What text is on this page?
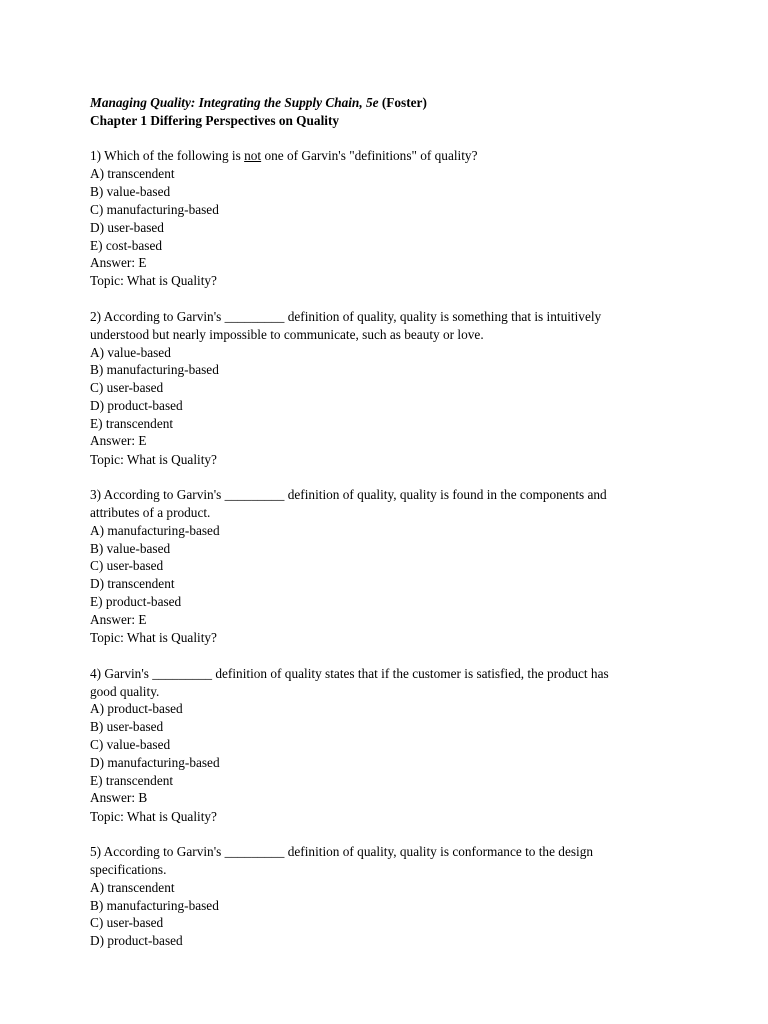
Managing Quality: Integrating the Supply Chain, 5e (Foster)
Chapter 1 Differing Perspectives on Quality
1) Which of the following is not one of Garvin's "definitions" of quality?
A) transcendent
B) value-based
C) manufacturing-based
D) user-based
E) cost-based
Answer: E
Topic: What is Quality?
2) According to Garvin's _________ definition of quality, quality is something that is intuitively
understood but nearly impossible to communicate, such as beauty or love.
A) value-based
B) manufacturing-based
C) user-based
D) product-based
E) transcendent
Answer: E
Topic: What is Quality?
3) According to Garvin's _________ definition of quality, quality is found in the components and
attributes of a product.
A) manufacturing-based
B) value-based
C) user-based
D) transcendent
E) product-based
Answer: E
Topic: What is Quality?
4) Garvin's _________ definition of quality states that if the customer is satisfied, the product has
good quality.
A) product-based
B) user-based
C) value-based
D) manufacturing-based
E) transcendent
Answer: B
Topic: What is Quality?
5) According to Garvin's _________ definition of quality, quality is conformance to the design
specifications.
A) transcendent
B) manufacturing-based
C) user-based
D) product-based
